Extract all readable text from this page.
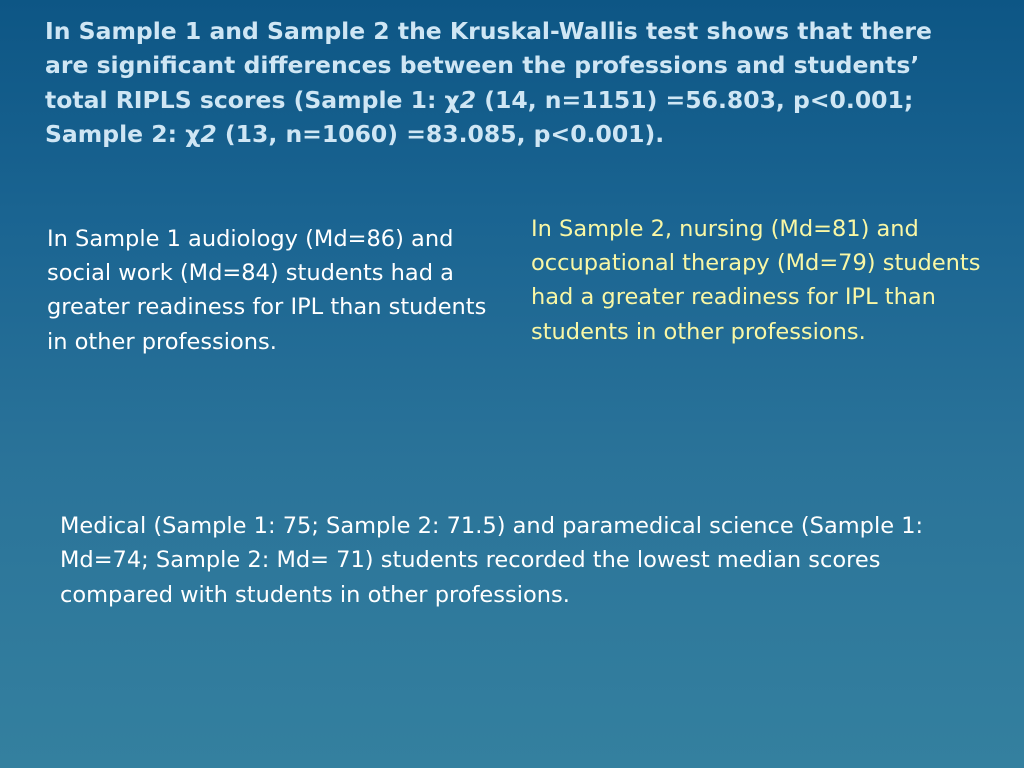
In Sample 1 and Sample 2 the Kruskal-Wallis test shows that there are significant differences between the professions and students’ total RIPLS scores (Sample 1: χ2 (14, n=1151) =56.803, p<0.001; Sample 2: χ2 (13, n=1060) =83.085, p<0.001).

In Sample 1 audiology (Md=86) and social work (Md=84) students had a greater readiness for IPL than students in other professions.

In Sample 2, nursing (Md=81) and occupational therapy (Md=79) students had a greater readiness for IPL than students in other professions.

Medical (Sample 1: 75; Sample 2: 71.5) and paramedical science (Sample 1: Md=74; Sample 2: Md= 71) students recorded the lowest median scores compared with students in other professions.
